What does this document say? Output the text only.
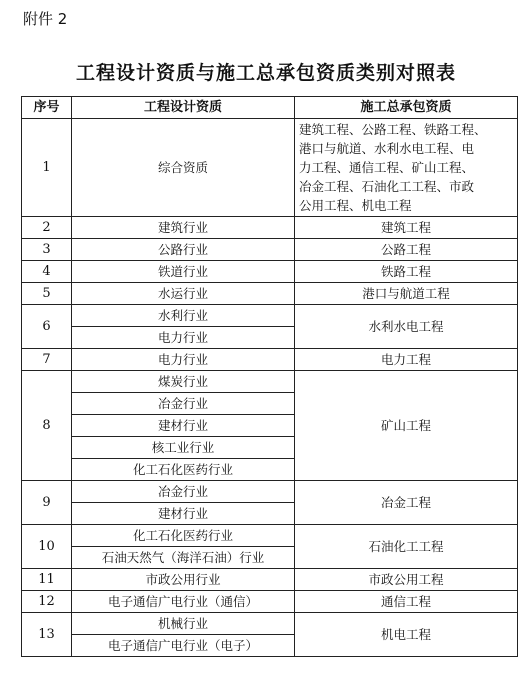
附件 2
工程设计资质与施工总承包资质类别对照表
序号	工程设计资质	施工总承包资质
1	综合资质	建筑工程、公路工程、铁路工程、
港口与航道、水利水电工程、电
力工程、通信工程、矿山工程、
冶金工程、石油化工工程、市政
公用工程、机电工程

2	建筑行业	建筑工程
3	公路行业	公路工程
4	铁道行业	铁路工程
5	水运行业	港口与航道工程
6	水利行业	水利水电工程
	电力行业	
7	电力行业	电力工程
8	煤炭行业	矿山工程
	冶金行业	
	建材行业	
	核工业行业	
	化工石化医药行业	
9	冶金行业	冶金工程
	建材行业	
10	化工石化医药行业	石油化工工程
	石油天然气（海洋石油）行业	
11	市政公用行业	市政公用工程
12	电子通信广电行业（通信）	通信工程
13	机械行业	机电工程
	电子通信广电行业（电子）	
